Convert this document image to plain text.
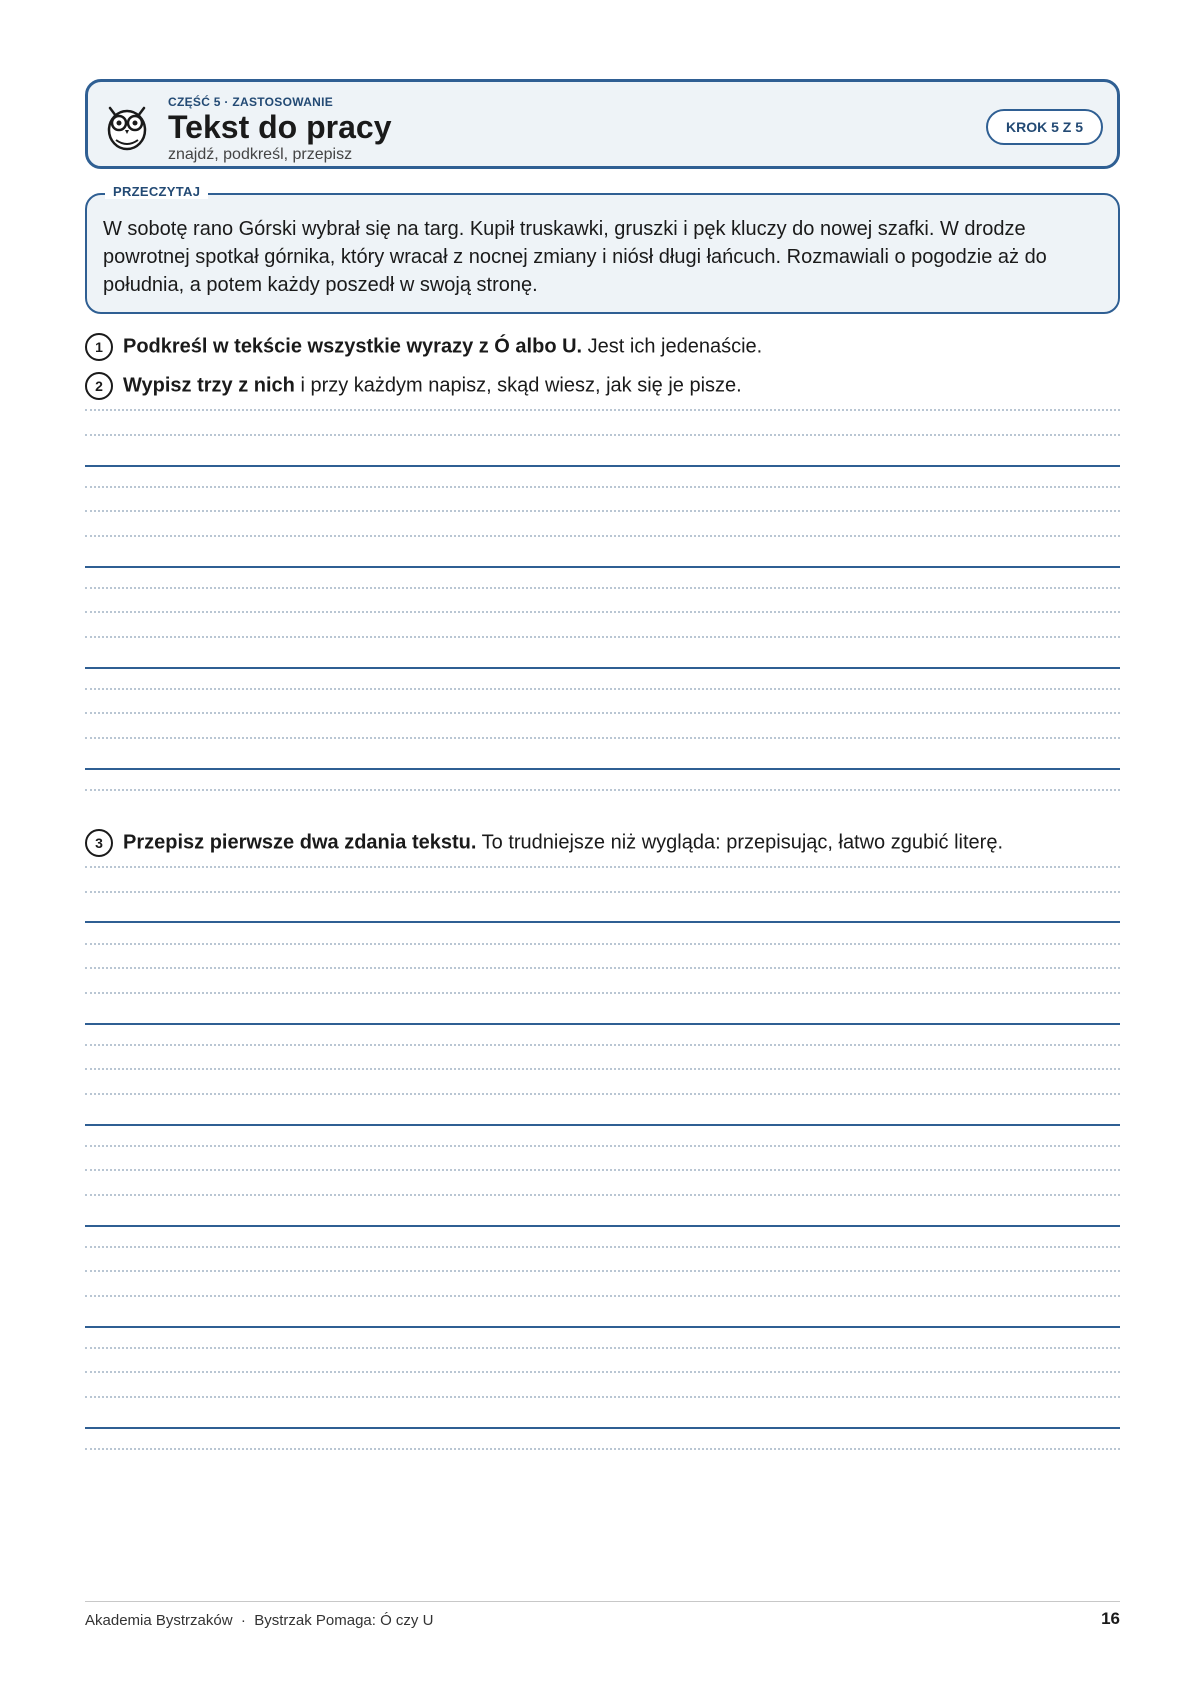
CZĘŚĆ 5 · ZASTOSOWANIE
Tekst do pracy
znajdź, podkreśl, przepisz
KROK 5 Z 5
PRZECZYTAJ
W sobotę rano Górski wybrał się na targ. Kupił truskawki, gruszki i pęk kluczy do nowej szafki. W drodze powrotnej spotkał górnika, który wracał z nocnej zmiany i niósł długi łańcuch. Rozmawiali o pogodzie aż do południa, a potem każdy poszedł w swoją stronę.
1 Podkreśl w tekście wszystkie wyrazy z Ó albo U. Jest ich jedenaście.
2 Wypisz trzy z nich i przy każdym napisz, skąd wiesz, jak się je pisze.
3 Przepisz pierwsze dwa zdania tekstu. To trudniejsze niż wygląda: przepisując, łatwo zgubić literę.
Akademia Bystrzaków  ·  Bystrzak Pomaga: Ó czy U	16
